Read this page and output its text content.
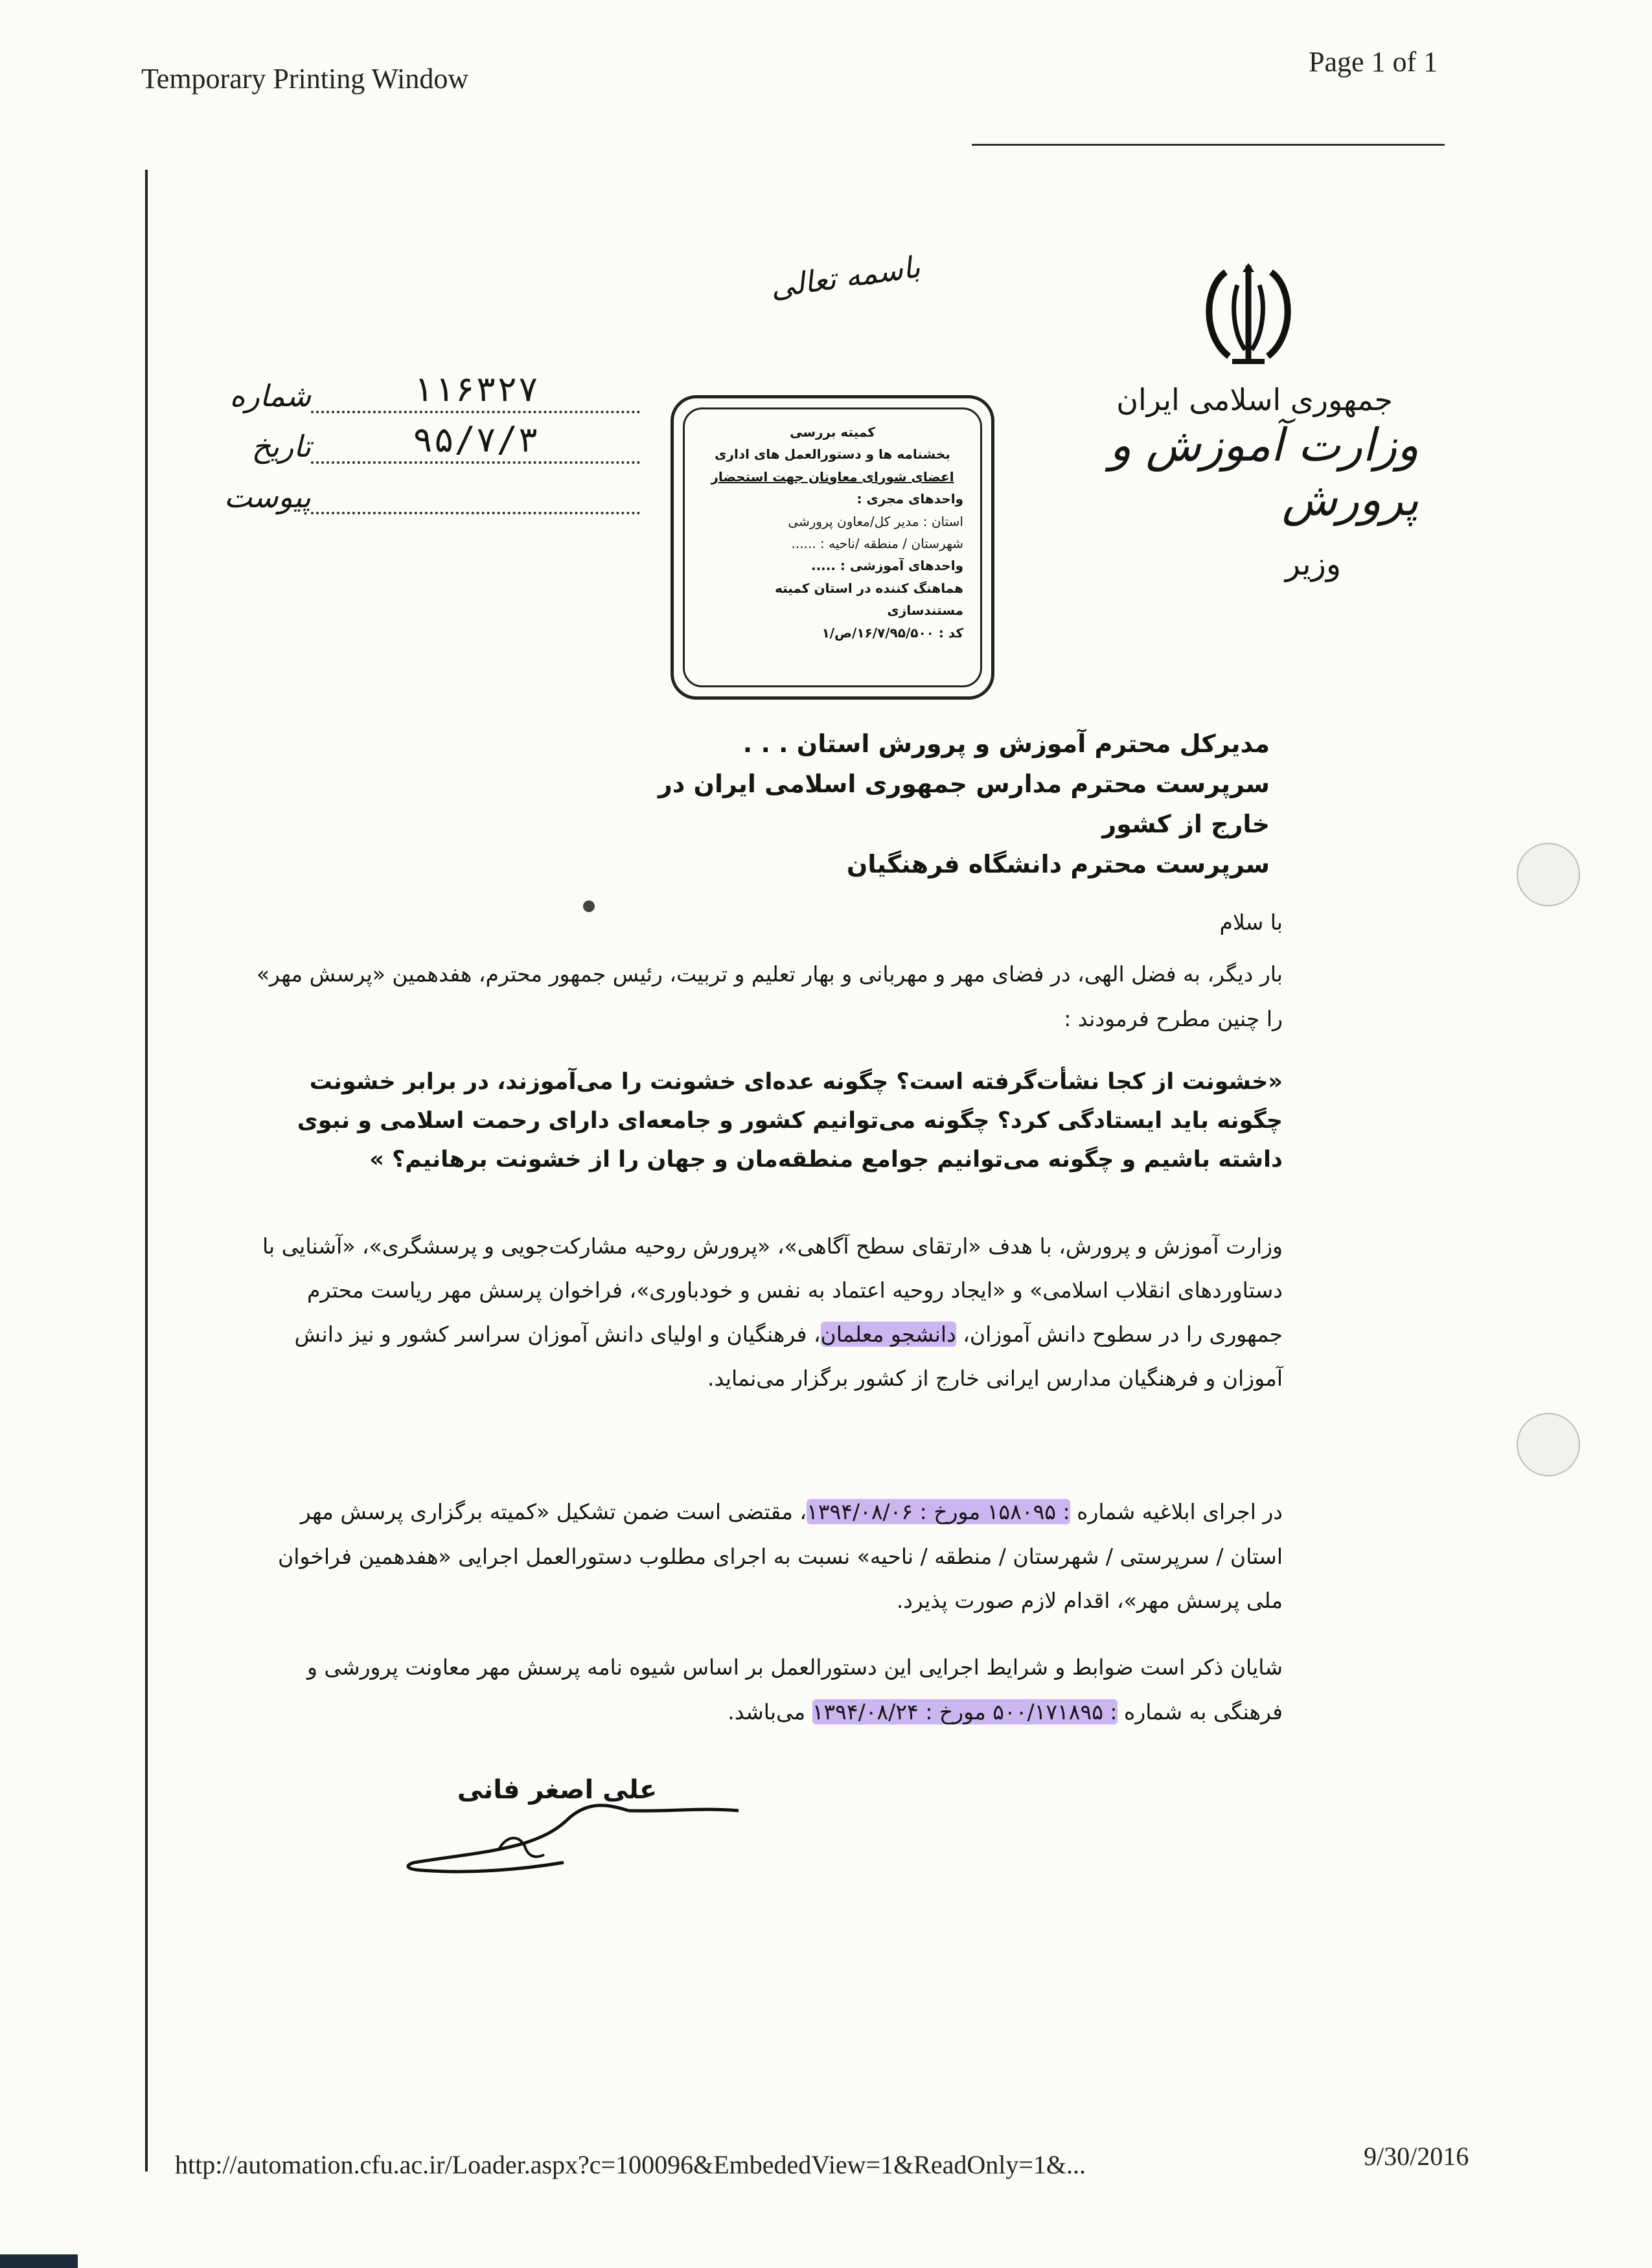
Temporary Printing Window
Page 1 of 1
باسمه تعالی
جمهوری اسلامی ایران
وزارت آموزش و پرورش
وزیر
شماره	۱۱۶۳۲۷
تاریخ	۹۵/۷/۳
پیوست
کمیته بررسی
بخشنامه ها و دستورالعمل های اداری
اعضای شورای معاونان جهت استحضار
واحدهای مجری :
استان : مدیر کل/معاون پرورشی
شهرستان / منطقه /ناحیه : ......
واحدهای آموزشی : .....
هماهنگ کننده در استان کمیته مستندسازی
کد : ۱۶/۷/۹۵/۵۰۰/ص/۱
مدیرکل محترم آموزش و پرورش استان . . .
سرپرست محترم مدارس جمهوری اسلامی ایران در خارج از کشور
سرپرست محترم دانشگاه فرهنگیان
با سلام
بار دیگر، به فضل الهی، در فضای مهر و مهربانی و بهار تعلیم و تربیت، رئیس جمهور محترم، هفدهمین «پرسش مهر» را چنین مطرح فرمودند :
«خشونت از کجا نشأت‌گرفته است؟ چگونه عده‌ای خشونت را می‌آموزند، در برابر خشونت چگونه باید ایستادگی کرد؟ چگونه می‌توانیم کشور و جامعه‌ای دارای رحمت اسلامی و نبوی داشته باشیم و چگونه می‌توانیم جوامع منطقه‌مان و جهان را از خشونت برهانیم؟ »
وزارت آموزش و پرورش، با هدف «ارتقای سطح آگاهی»، «پرورش روحیه مشارکت‌جویی و پرسشگری»، «آشنایی با دستاوردهای انقلاب اسلامی» و «ایجاد روحیه اعتماد به نفس و خودباوری»، فراخوان پرسش مهر ریاست محترم جمهوری را در سطوح دانش آموزان، دانشجو معلمان، فرهنگیان و اولیای دانش آموزان سراسر کشور و نیز دانش آموزان و فرهنگیان مدارس ایرانی خارج از کشور برگزار می‌نماید.
در اجرای ابلاغیه شماره : ۱۵۸۰۹۵ مورخ : ۱۳۹۴/۰۸/۰۶، مقتضی است ضمن تشکیل «کمیته برگزاری پرسش مهر استان / سرپرستی / شهرستان / منطقه / ناحیه» نسبت به اجرای مطلوب دستورالعمل اجرایی «هفدهمین فراخوان ملی پرسش مهر»، اقدام لازم صورت پذیرد.
شایان ذکر است ضوابط و شرایط اجرایی این دستورالعمل بر اساس شیوه نامه پرسش مهر معاونت پرورشی و فرهنگی به شماره : ۵۰۰/۱۷۱۸۹۵ مورخ : ۱۳۹۴/۰۸/۲۴ می‌باشد.
علی اصغر فانی
http://automation.cfu.ac.ir/Loader.aspx?c=100096&EmbededView=1&ReadOnly=1&...	9/30/2016
